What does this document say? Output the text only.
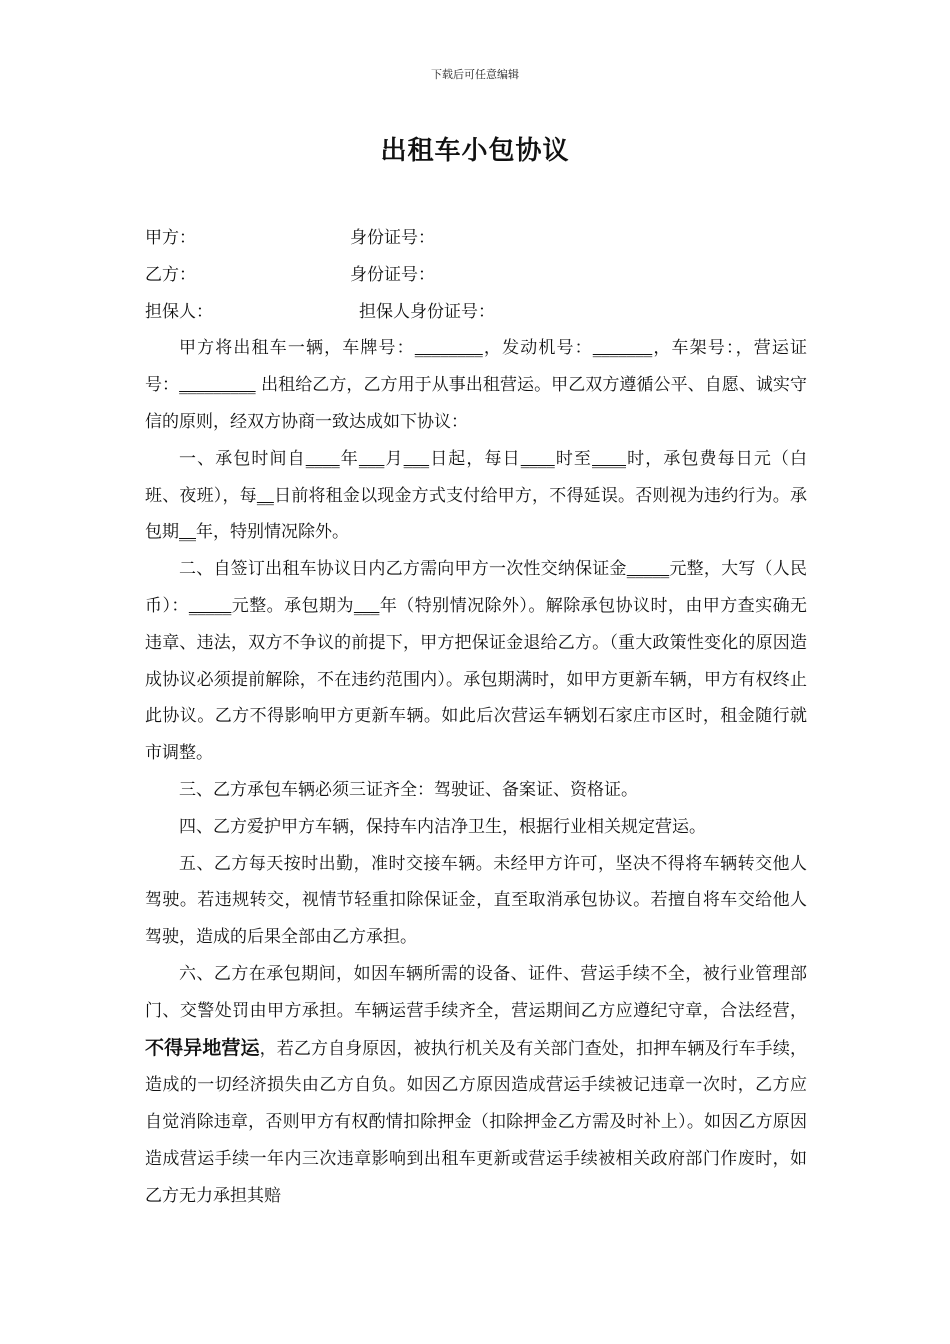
下载后可任意编辑
出租车小包协议
甲方：	身份证号：
乙方：	身份证号：
担保人：	担保人身份证号：

甲方将出租车一辆，车牌号：________，发动机号：_______，车架号：，营运证号：_________ 出租给乙方，乙方用于从事出租营运。甲乙双方遵循公平、自愿、诚实守信的原则，经双方协商一致达成如下协议：

一、承包时间自____年___月___日起，每日____时至____时，承包费每日元（白班、夜班），每__日前将租金以现金方式支付给甲方，不得延误。否则视为违约行为。承包期__年，特别情况除外。

二、自签订出租车协议日内乙方需向甲方一次性交纳保证金_____元整，大写（人民币）：_____元整。承包期为___年（特别情况除外）。解除承包协议时，由甲方查实确无违章、违法，双方不争议的前提下，甲方把保证金退给乙方。（重大政策性变化的原因造成协议必须提前解除，不在违约范围内）。承包期满时，如甲方更新车辆，甲方有权终止此协议。乙方不得影响甲方更新车辆。如此后次营运车辆划石家庄市区时，租金随行就市调整。

三、乙方承包车辆必须三证齐全：驾驶证、备案证、资格证。

四、乙方爱护甲方车辆，保持车内洁净卫生，根据行业相关规定营运。

五、乙方每天按时出勤，准时交接车辆。未经甲方许可，坚决不得将车辆转交他人驾驶。若违规转交，视情节轻重扣除保证金，直至取消承包协议。若擅自将车交给他人驾驶，造成的后果全部由乙方承担。

六、乙方在承包期间，如因车辆所需的设备、证件、营运手续不全，被行业管理部门、交警处罚由甲方承担。车辆运营手续齐全，营运期间乙方应遵纪守章，合法经营，不得异地营运，若乙方自身原因，被执行机关及有关部门查处，扣押车辆及行车手续，造成的一切经济损失由乙方自负。如因乙方原因造成营运手续被记违章一次时，乙方应自觉消除违章，否则甲方有权酌情扣除押金（扣除押金乙方需及时补上）。如因乙方原因造成营运手续一年内三次违章影响到出租车更新或营运手续被相关政府部门作废时，如乙方无力承担其赔
